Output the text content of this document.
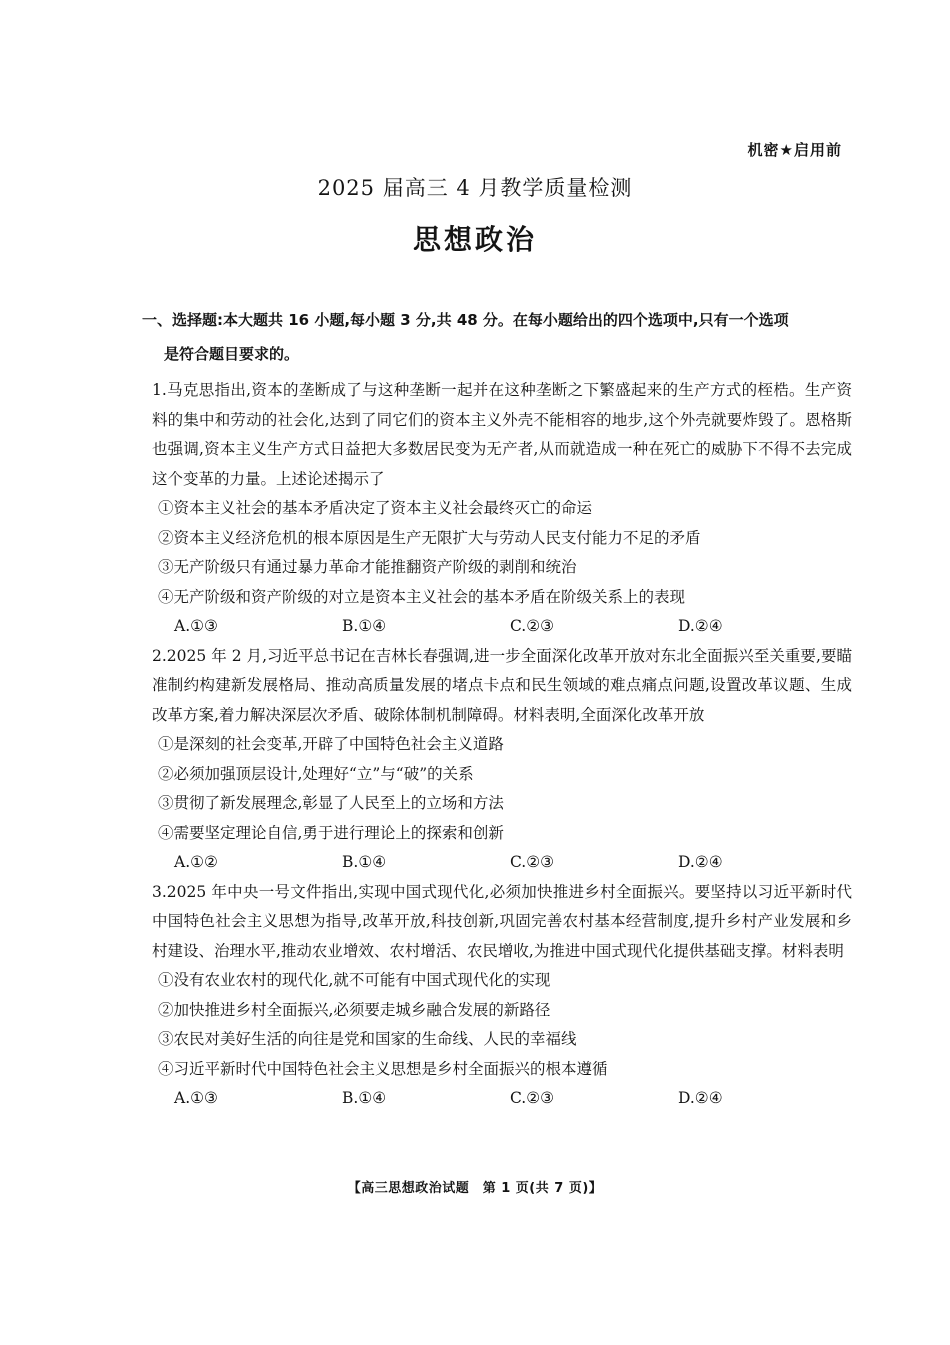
机密★启用前
2025 届高三 4 月教学质量检测
思想政治
一、选择题:本大题共 16 小题,每小题 3 分,共 48 分。在每小题给出的四个选项中,只有一个选项
是符合题目要求的。

1.马克思指出,资本的垄断成了与这种垄断一起并在这种垄断之下繁盛起来的生产方式的桎梏。生产资料的集中和劳动的社会化,达到了同它们的资本主义外壳不能相容的地步,这个外壳就要炸毁了。恩格斯也强调,资本主义生产方式日益把大多数居民变为无产者,从而就造成一种在死亡的威胁下不得不去完成这个变革的力量。上述论述揭示了

①资本主义社会的基本矛盾决定了资本主义社会最终灭亡的命运
②资本主义经济危机的根本原因是生产无限扩大与劳动人民支付能力不足的矛盾
③无产阶级只有通过暴力革命才能推翻资产阶级的剥削和统治
④无产阶级和资产阶级的对立是资本主义社会的基本矛盾在阶级关系上的表现
A.①③	B.①④	C.②③	D.②④

2.2025 年 2 月,习近平总书记在吉林长春强调,进一步全面深化改革开放对东北全面振兴至关重要,要瞄准制约构建新发展格局、推动高质量发展的堵点卡点和民生领域的难点痛点问题,设置改革议题、生成改革方案,着力解决深层次矛盾、破除体制机制障碍。材料表明,全面深化改革开放

①是深刻的社会变革,开辟了中国特色社会主义道路
②必须加强顶层设计,处理好“立”与“破”的关系
③贯彻了新发展理念,彰显了人民至上的立场和方法
④需要坚定理论自信,勇于进行理论上的探索和创新
A.①②	B.①④	C.②③	D.②④

3.2025 年中央一号文件指出,实现中国式现代化,必须加快推进乡村全面振兴。要坚持以习近平新时代中国特色社会主义思想为指导,改革开放,科技创新,巩固完善农村基本经营制度,提升乡村产业发展和乡村建设、治理水平,推动农业增效、农村增活、农民增收,为推进中国式现代化提供基础支撑。材料表明

①没有农业农村的现代化,就不可能有中国式现代化的实现
②加快推进乡村全面振兴,必须要走城乡融合发展的新路径
③农民对美好生活的向往是党和国家的生命线、人民的幸福线
④习近平新时代中国特色社会主义思想是乡村全面振兴的根本遵循
A.①③	B.①④	C.②③	D.②④
【高三思想政治试题　第 1 页(共 7 页)】
